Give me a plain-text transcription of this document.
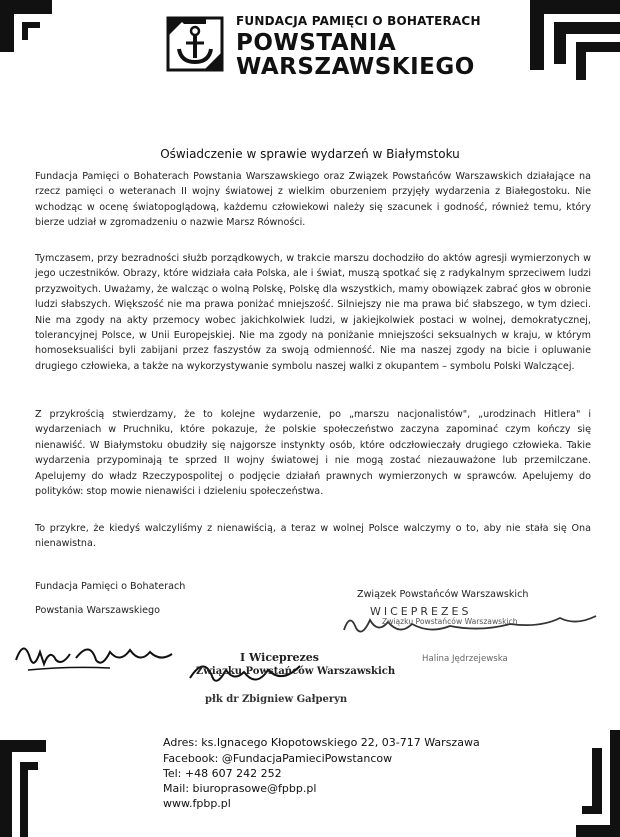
FUNDACJA PAMIĘCI O BOHATERACH
POWSTANIA
WARSZAWSKIEGO
Oświadczenie w sprawie wydarzeń w Białymstoku
Fundacja Pamięci o Bohaterach Powstania Warszawskiego oraz Związek Powstańców Warszawskich działające na rzecz pamięci o weteranach II wojny światowej z wielkim oburzeniem przyjęły wydarzenia z Białegostoku. Nie wchodząc w ocenę światopoglądową, każdemu człowiekowi należy się szacunek i godność, również temu, który bierze udział w zgromadzeniu o nazwie Marsz Równości.
Tymczasem, przy bezradności służb porządkowych, w trakcie marszu dochodziło do aktów agresji wymierzonych w jego uczestników. Obrazy, które widziała cała Polska, ale i świat, muszą spotkać się z radykalnym sprzeciwem ludzi przyzwoitych. Uważamy, że walcząc o wolną Polskę, Polskę dla wszystkich, mamy obowiązek zabrać głos w obronie ludzi słabszych. Większość nie ma prawa poniżać mniejszość. Silniejszy nie ma prawa bić słabszego, w tym dzieci. Nie ma zgody na akty przemocy wobec jakichkolwiek ludzi, w jakiejkolwiek postaci w wolnej, demokratycznej, tolerancyjnej Polsce, w Unii Europejskiej. Nie ma zgody na poniżanie mniejszości seksualnych w kraju, w którym homoseksualiści byli zabijani przez faszystów za swoją odmienność. Nie ma naszej zgody na bicie i opluwanie drugiego człowieka, a także na wykorzystywanie symbolu naszej walki z okupantem – symbolu Polski Walczącej.
Z przykrością stwierdzamy, że to kolejne wydarzenie, po „marszu nacjonalistów", „urodzinach Hitlera" i wydarzeniach w Pruchniku, które pokazuje, że polskie społeczeństwo zaczyna zapominać czym kończy się nienawiść. W Białymstoku obudziły się najgorsze instynkty osób, które odczłowieczały drugiego człowieka. Takie wydarzenia przypominają te sprzed II wojny światowej i nie mogą zostać niezauważone lub przemilczane. Apelujemy do władz Rzeczypospolitej o podjęcie działań prawnych wymierzonych w sprawców. Apelujemy do polityków: stop mowie nienawiści i dzieleniu społeczeństwa.
To przykre, że kiedyś walczyliśmy z nienawiścią, a teraz w wolnej Polsce walczymy o to, aby nie stała się Ona nienawistna.
Fundacja Pamięci o Bohaterach
Powstania Warszawskiego
Związek Powstańców Warszawskich
WICEPREZES
Związku Powstańców Warszawskich
Halina Jędrzejewska
I Wiceprezes
Związku Powstańców Warszawskich
płk dr Zbigniew Gałperyn
Adres: ks.Ignacego Kłopotowskiego 22, 03-717 Warszawa
Facebook: @FundacjaPamieciPowstancow
Tel: +48 607 242 252
Mail: biuroprasowe@fpbp.pl
www.fpbp.pl
